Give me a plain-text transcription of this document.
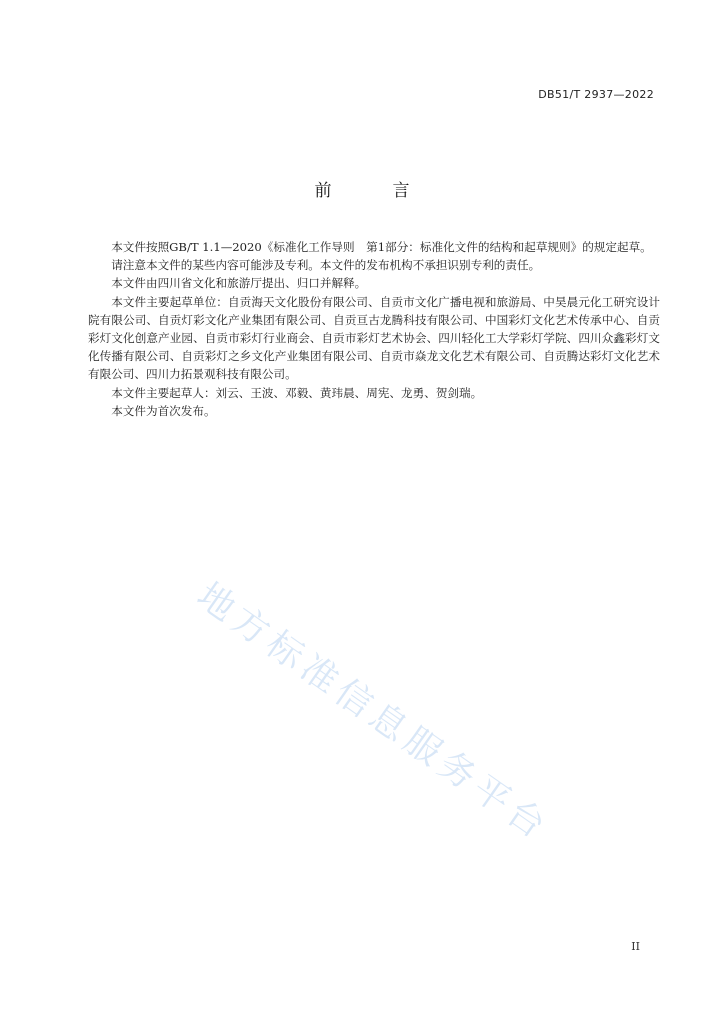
DB51/T 2937—2022
前　言

本文件按照GB/T 1.1—2020《标准化工作导则　第1部分：标准化文件的结构和起草规则》的规定起草。

请注意本文件的某些内容可能涉及专利。本文件的发布机构不承担识别专利的责任。

本文件由四川省文化和旅游厅提出、归口并解释。

本文件主要起草单位：自贡海天文化股份有限公司、自贡市文化广播电视和旅游局、中昊晨元化工研究设计院有限公司、自贡灯彩文化产业集团有限公司、自贡亘古龙腾科技有限公司、中国彩灯文化艺术传承中心、自贡彩灯文化创意产业园、自贡市彩灯行业商会、自贡市彩灯艺术协会、四川轻化工大学彩灯学院、四川众鑫彩灯文化传播有限公司、自贡彩灯之乡文化产业集团有限公司、自贡市焱龙文化艺术有限公司、自贡腾达彩灯文化艺术有限公司、四川力拓景观科技有限公司。

本文件主要起草人：刘云、王波、邓毅、黄玮晨、周宪、龙勇、贺剑瑞。

本文件为首次发布。

地方标准信息服务平台
II
